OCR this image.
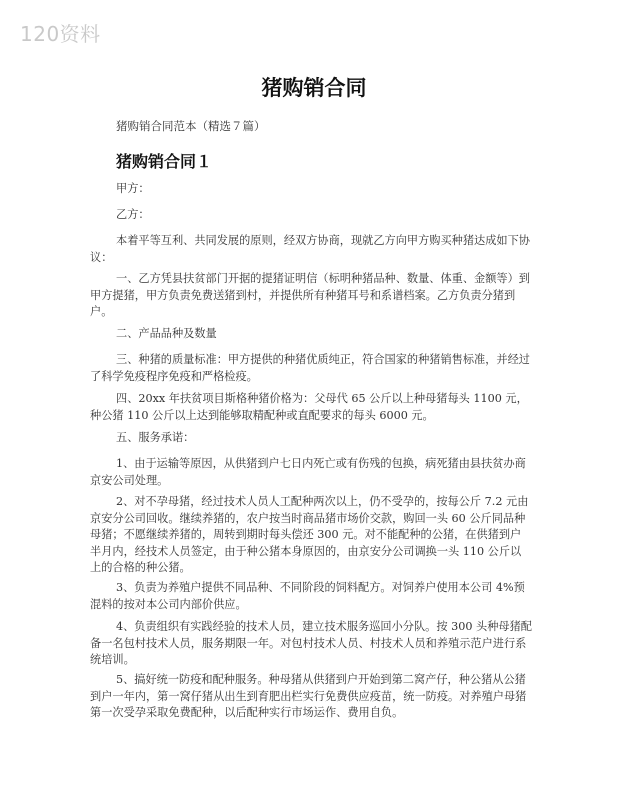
120资料
猪购销合同
猪购销合同范本（精选７篇）
猪购销合同１

甲方：

乙方：

本着平等互利、共同发展的原则，经双方协商，现就乙方向甲方购买种猪达成如下协议：

一、乙方凭县扶贫部门开据的提猪证明信（标明种猪品种、数量、体重、金额等）到甲方提猪，甲方负责免费送猪到村，并提供所有种猪耳号和系谱档案。乙方负责分猪到户。

二、产品品种及数量

三、种猪的质量标准：甲方提供的种猪优质纯正，符合国家的种猪销售标准，并经过了科学免疫程序免疫和严格检疫。

四、20xx 年扶贫项目斯格种猪价格为：父母代 65 公斤以上种母猪每头 1100 元，种公猪 110 公斤以上达到能够取精配种或直配要求的每头 6000 元。

五、服务承诺：

1、由于运输等原因，从供猪到户七日内死亡或有伤残的包换，病死猪由县扶贫办商京安公司处理。

2、对不孕母猪，经过技术人员人工配种两次以上，仍不受孕的，按每公斤 7.2 元由京安分公司回收。继续养猪的，农户按当时商品猪市场价交款，购回一头 60 公斤同品种母猪；不愿继续养猪的，周转到期时每头偿还 300 元。对不能配种的公猪，在供猪到户半月内，经技术人员签定，由于种公猪本身原因的，由京安分公司调换一头 110 公斤以上的合格的种公猪。

3、负责为养殖户提供不同品种、不同阶段的饲料配方。对饲养户使用本公司 4%预混料的按对本公司内部价供应。

4、负责组织有实践经验的技术人员，建立技术服务巡回小分队。按 300 头种母猪配备一名包村技术人员，服务期限一年。对包村技术人员、村技术人员和养殖示范户进行系统培训。

5、搞好统一防疫和配种服务。种母猪从供猪到户开始到第二窝产仔，种公猪从公猪到户一年内，第一窝仔猪从出生到育肥出栏实行免费供应疫苗，统一防疫。对养殖户母猪第一次受孕采取免费配种，以后配种实行市场运作、费用自负。
